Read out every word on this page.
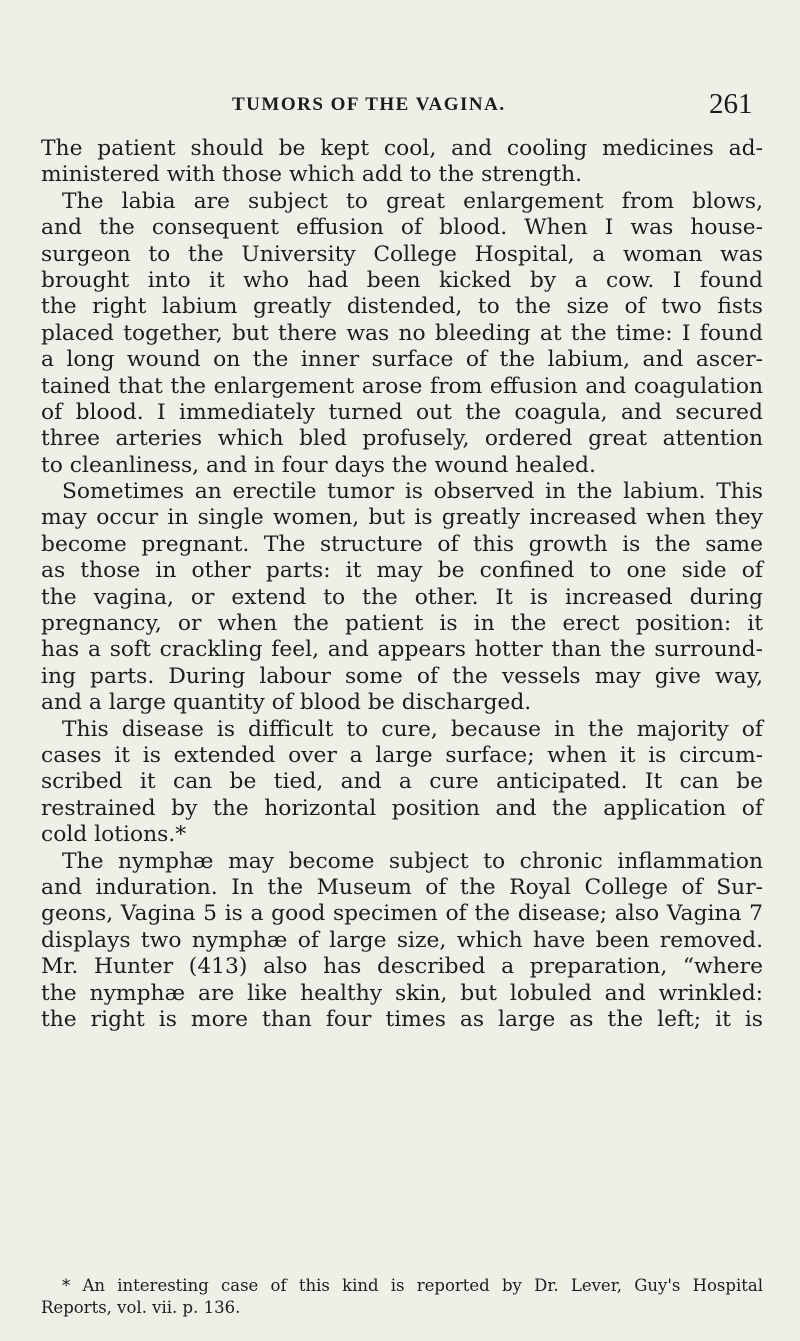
TUMORS OF THE VAGINA.	261
The patient should be kept cool, and cooling medicines ad-
ministered with those which add to the strength.
The labia are subject to great enlargement from blows,
and the consequent effusion of blood. When I was house-
surgeon to the University College Hospital, a woman was
brought into it who had been kicked by a cow. I found
the right labium greatly distended, to the size of two fists
placed together, but there was no bleeding at the time: I found
a long wound on the inner surface of the labium, and ascer-
tained that the enlargement arose from effusion and coagulation
of blood. I immediately turned out the coagula, and secured
three arteries which bled profusely, ordered great attention
to cleanliness, and in four days the wound healed.
Sometimes an erectile tumor is observed in the labium. This
may occur in single women, but is greatly increased when they
become pregnant. The structure of this growth is the same
as those in other parts: it may be confined to one side of
the vagina, or extend to the other. It is increased during
pregnancy, or when the patient is in the erect position: it
has a soft crackling feel, and appears hotter than the surround-
ing parts. During labour some of the vessels may give way,
and a large quantity of blood be discharged.
This disease is difficult to cure, because in the majority of
cases it is extended over a large surface; when it is circum-
scribed it can be tied, and a cure anticipated. It can be
restrained by the horizontal position and the application of
cold lotions.*
The nymphæ may become subject to chronic inflammation
and induration. In the Museum of the Royal College of Sur-
geons, Vagina 5 is a good specimen of the disease; also Vagina 7
displays two nymphæ of large size, which have been removed.
Mr. Hunter (413) also has described a preparation, “where
the nymphæ are like healthy skin, but lobuled and wrinkled:
the right is more than four times as large as the left; it is
* An interesting case of this kind is reported by Dr. Lever, Guy's Hospital
Reports, vol. vii. p. 136.
